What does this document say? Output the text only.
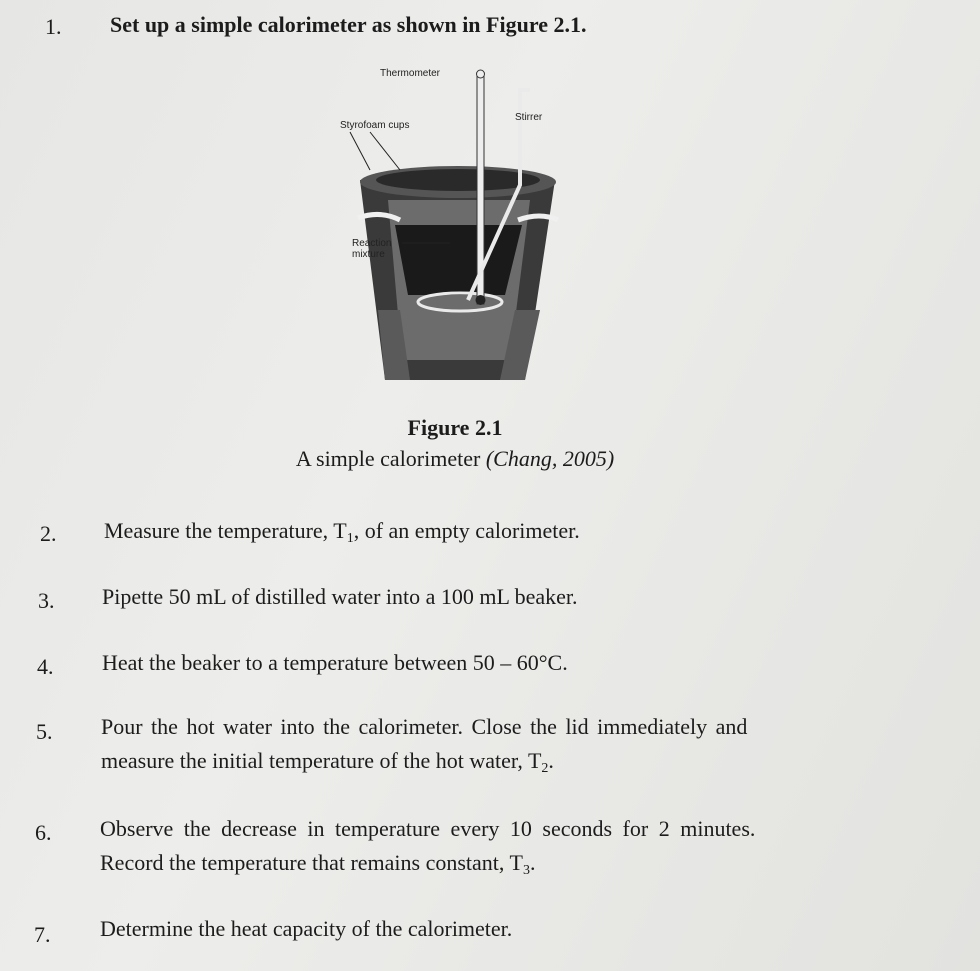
1. Set up a simple calorimeter as shown in Figure 2.1.
Thermometer
Styrofoam cups
Stirrer
Reaction
mixture
Figure 2.1
A simple calorimeter (Chang, 2005)
2. Measure the temperature, $T_1$, of an empty calorimeter.
3. Pipette 50 mL of distilled water into a 100 mL beaker.
4. Heat the beaker to a temperature between 50 – 60°C.
5. Pour the hot water into the calorimeter. Close the lid immediately and
measure the initial temperature of the hot water, $T_2$.
6. Observe the decrease in temperature every 10 seconds for 2 minutes.
Record the temperature that remains constant, $T_3$.
7. Determine the heat capacity of the calorimeter.
